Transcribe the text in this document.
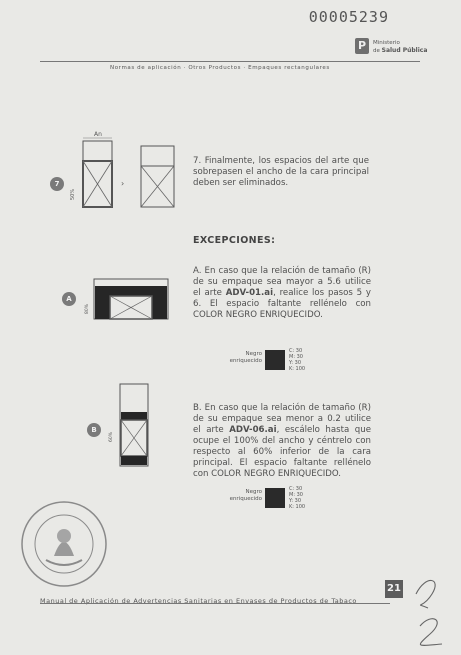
00005239
P	Ministerio
de Salud Pública
Normas de aplicación · Otros Productos · Empaques rectangulares
7
An
50%
›
7. Finalmente, los espacios del arte que sobrepasen el ancho de la cara principal deben ser eliminados.
EXCEPCIONES:
A
80%
A. En caso que la relación de tamaño (R) de su empaque sea mayor a 5.6 utilice el arte ADV-01.ai, realice los pasos 5 y 6. El espacio faltante rellénelo con COLOR NEGRO ENRIQUECIDO.
Negro
enriquecido
C: 30
M: 30
Y: 30
K: 100
B
60%
B. En caso que la relación de tamaño (R) de su empaque sea menor a 0.2 utilice el arte ADV-06.ai, escálelo hasta que ocupe el 100% del ancho y céntrelo con respecto al 60% inferior de la cara principal. El espacio faltante rellénelo con COLOR NEGRO ENRIQUECIDO.
Negro
enriquecido
C: 30
M: 30
Y: 30
K: 100
Manual de Aplicación de Advertencias Sanitarias en Envases de Productos de Tabaco
21
